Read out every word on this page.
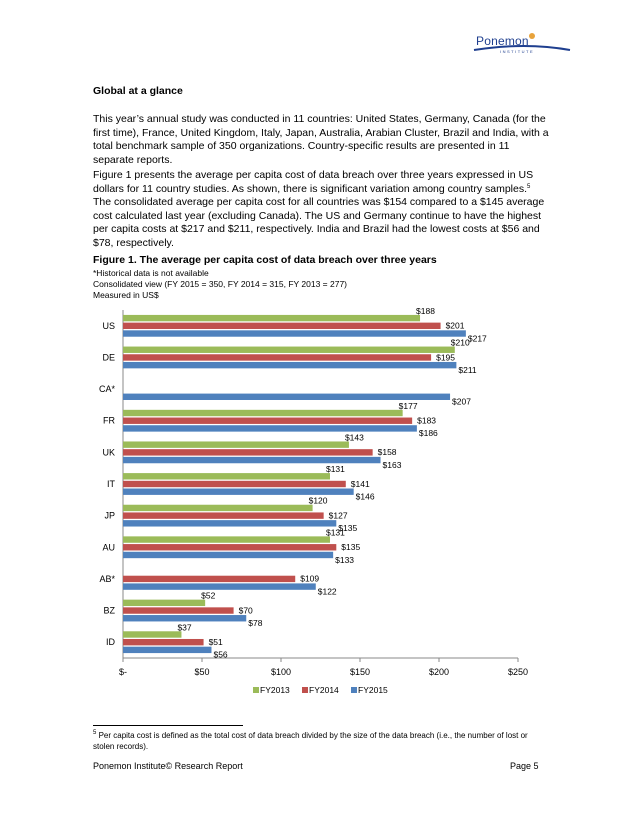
Ponemon
INSTITUTE
Global at a glance
This year’s annual study was conducted in 11 countries: United States, Germany, Canada (for the first time), France, United Kingdom, Italy, Japan, Australia, Arabian Cluster, Brazil and India, with a total benchmark sample of 350 organizations. Country-specific results are presented in 11 separate reports.
Figure 1 presents the average per capita cost of data breach over three years expressed in US dollars for 11 country studies. As shown, there is significant variation among country samples.$^5$ The consolidated average per capita cost for all countries was $154 compared to a $145 average cost calculated last year (excluding Canada). The US and Germany continue to have the highest per capita costs at $217 and $211, respectively. India and Brazil had the lowest costs at $56 and $78, respectively.
Figure 1. The average per capita cost of data breach over three years
*Historical data is not available
Consolidated view (FY 2015 = 350, FY 2014 = 315, FY 2013 = 277)
Measured in US$
$-	$50	$100	$150	$200	$250
US
$188
$201
$217
DE
$210
$195
$211
CA*
$207
FR
$177
$183
$186
UK
$143
$158
$163
IT
$131
$141
$146
JP
$120
$127
$135
AU
$131
$135
$133
AB*	$109
$122
BZ
$52
$70
$78
ID
$37
$51
$56
FY2013 FY2014 FY2015
$^5$ Per capita cost is defined as the total cost of data breach divided by the size of the data breach (i.e., the number of lost or stolen records).
Ponemon Institute© Research Report	Page 5
